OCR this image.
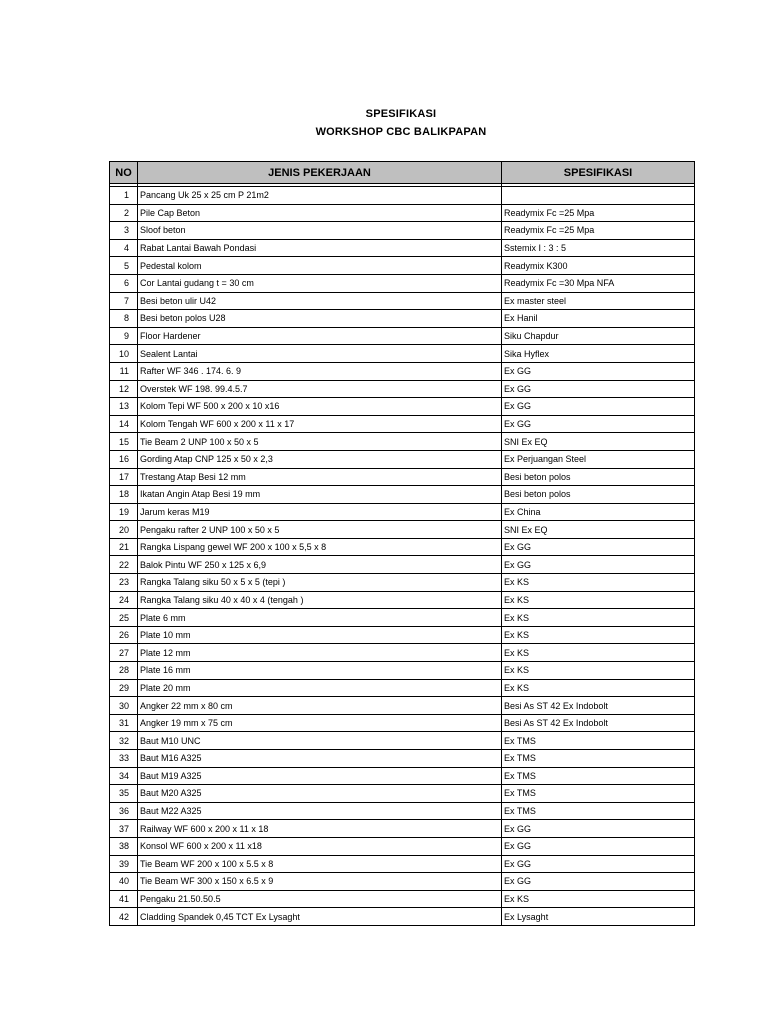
SPESIFIKASI
WORKSHOP CBC BALIKPAPAN
NO	JENIS PEKERJAAN	SPESIFIKASI

1	Pancang Uk 25 x 25 cm P 21m2	
2	Pile Cap Beton	Readymix Fc =25 Mpa
3	Sloof beton	Readymix Fc =25 Mpa
4	Rabat Lantai Bawah Pondasi	Sstemix I : 3 : 5
5	Pedestal kolom	Readymix K300
6	Cor Lantai gudang t = 30 cm	Readymix Fc =30 Mpa NFA
7	Besi beton ulir U42	Ex master steel
8	Besi beton polos U28	Ex Hanil
9	Floor Hardener	Siku Chapdur
10	Sealent Lantai	Sika Hyflex
11	Rafter WF 346 . 174. 6. 9	Ex GG
12	Overstek WF 198. 99.4.5.7	Ex GG
13	Kolom Tepi WF 500 x 200 x 10 x16	Ex GG
14	Kolom Tengah WF 600 x 200 x 11 x 17	Ex GG
15	Tie Beam 2 UNP 100 x 50 x 5	SNI Ex EQ
16	Gording Atap CNP 125 x 50 x 2,3	Ex Perjuangan Steel
17	Trestang Atap Besi 12 mm	Besi beton polos
18	Ikatan Angin Atap Besi 19 mm	Besi beton polos
19	Jarum keras M19	Ex China
20	Pengaku rafter 2 UNP 100 x 50 x 5	SNI Ex EQ
21	Rangka Lispang gewel WF 200 x 100 x 5,5 x 8	Ex GG
22	Balok Pintu WF 250 x 125 x 6,9	Ex GG
23	Rangka Talang siku 50 x 5 x 5 (tepi )	Ex KS
24	Rangka Talang siku 40 x 40 x 4 (tengah )	Ex KS
25	Plate 6 mm	Ex KS
26	Plate 10 mm	Ex KS
27	Plate 12 mm	Ex KS
28	Plate 16 mm	Ex KS
29	Plate 20 mm	Ex KS
30	Angker 22 mm x 80 cm	Besi As ST 42 Ex Indobolt
31	Angker 19 mm x 75 cm	Besi As ST 42 Ex Indobolt
32	Baut M10 UNC	Ex TMS
33	Baut M16 A325	Ex TMS
34	Baut M19 A325	Ex TMS
35	Baut M20 A325	Ex TMS
36	Baut M22 A325	Ex TMS
37	Railway WF 600 x 200 x 11 x 18	Ex GG
38	Konsol WF 600 x 200 x 11 x18	Ex GG
39	Tie Beam WF 200 x 100 x 5.5 x 8	Ex GG
40	Tie Beam WF 300 x 150 x 6.5 x 9	Ex GG
41	Pengaku 21.50.50.5	Ex KS
42	Cladding Spandek 0,45 TCT Ex Lysaght	Ex Lysaght
